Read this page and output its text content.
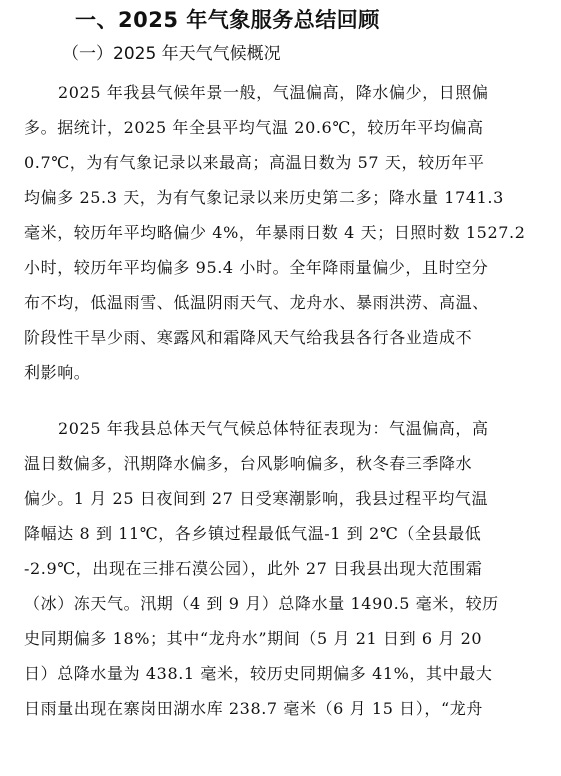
一、2025 年气象服务总结回顾
（一）2025 年天气气候概况
2025 年我县气候年景一般，气温偏高，降水偏少，日照偏
多。据统计，2025 年全县平均气温 20.6℃，较历年平均偏高
0.7℃，为有气象记录以来最高；高温日数为 57 天，较历年平
均偏多 25.3 天，为有气象记录以来历史第二多；降水量 1741.3
毫米，较历年平均略偏少 4%，年暴雨日数 4 天；日照时数 1527.2
小时，较历年平均偏多 95.4 小时。全年降雨量偏少，且时空分
布不均，低温雨雪、低温阴雨天气、龙舟水、暴雨洪涝、高温、
阶段性干旱少雨、寒露风和霜降风天气给我县各行各业造成不
利影响。
2025 年我县总体天气气候总体特征表现为：气温偏高，高
温日数偏多，汛期降水偏多，台风影响偏多，秋冬春三季降水
偏少。1 月 25 日夜间到 27 日受寒潮影响，我县过程平均气温
降幅达 8 到 11℃，各乡镇过程最低气温-1 到 2℃（全县最低
-2.9℃，出现在三排石漠公园），此外 27 日我县出现大范围霜
（冰）冻天气。汛期（4 到 9 月）总降水量 1490.5 毫米，较历
史同期偏多 18%；其中“龙舟水”期间（5 月 21 日到 6 月 20
日）总降水量为 438.1 毫米，较历史同期偏多 41%，其中最大
日雨量出现在寨岗田湖水库 238.7 毫米（6 月 15 日），“龙舟
